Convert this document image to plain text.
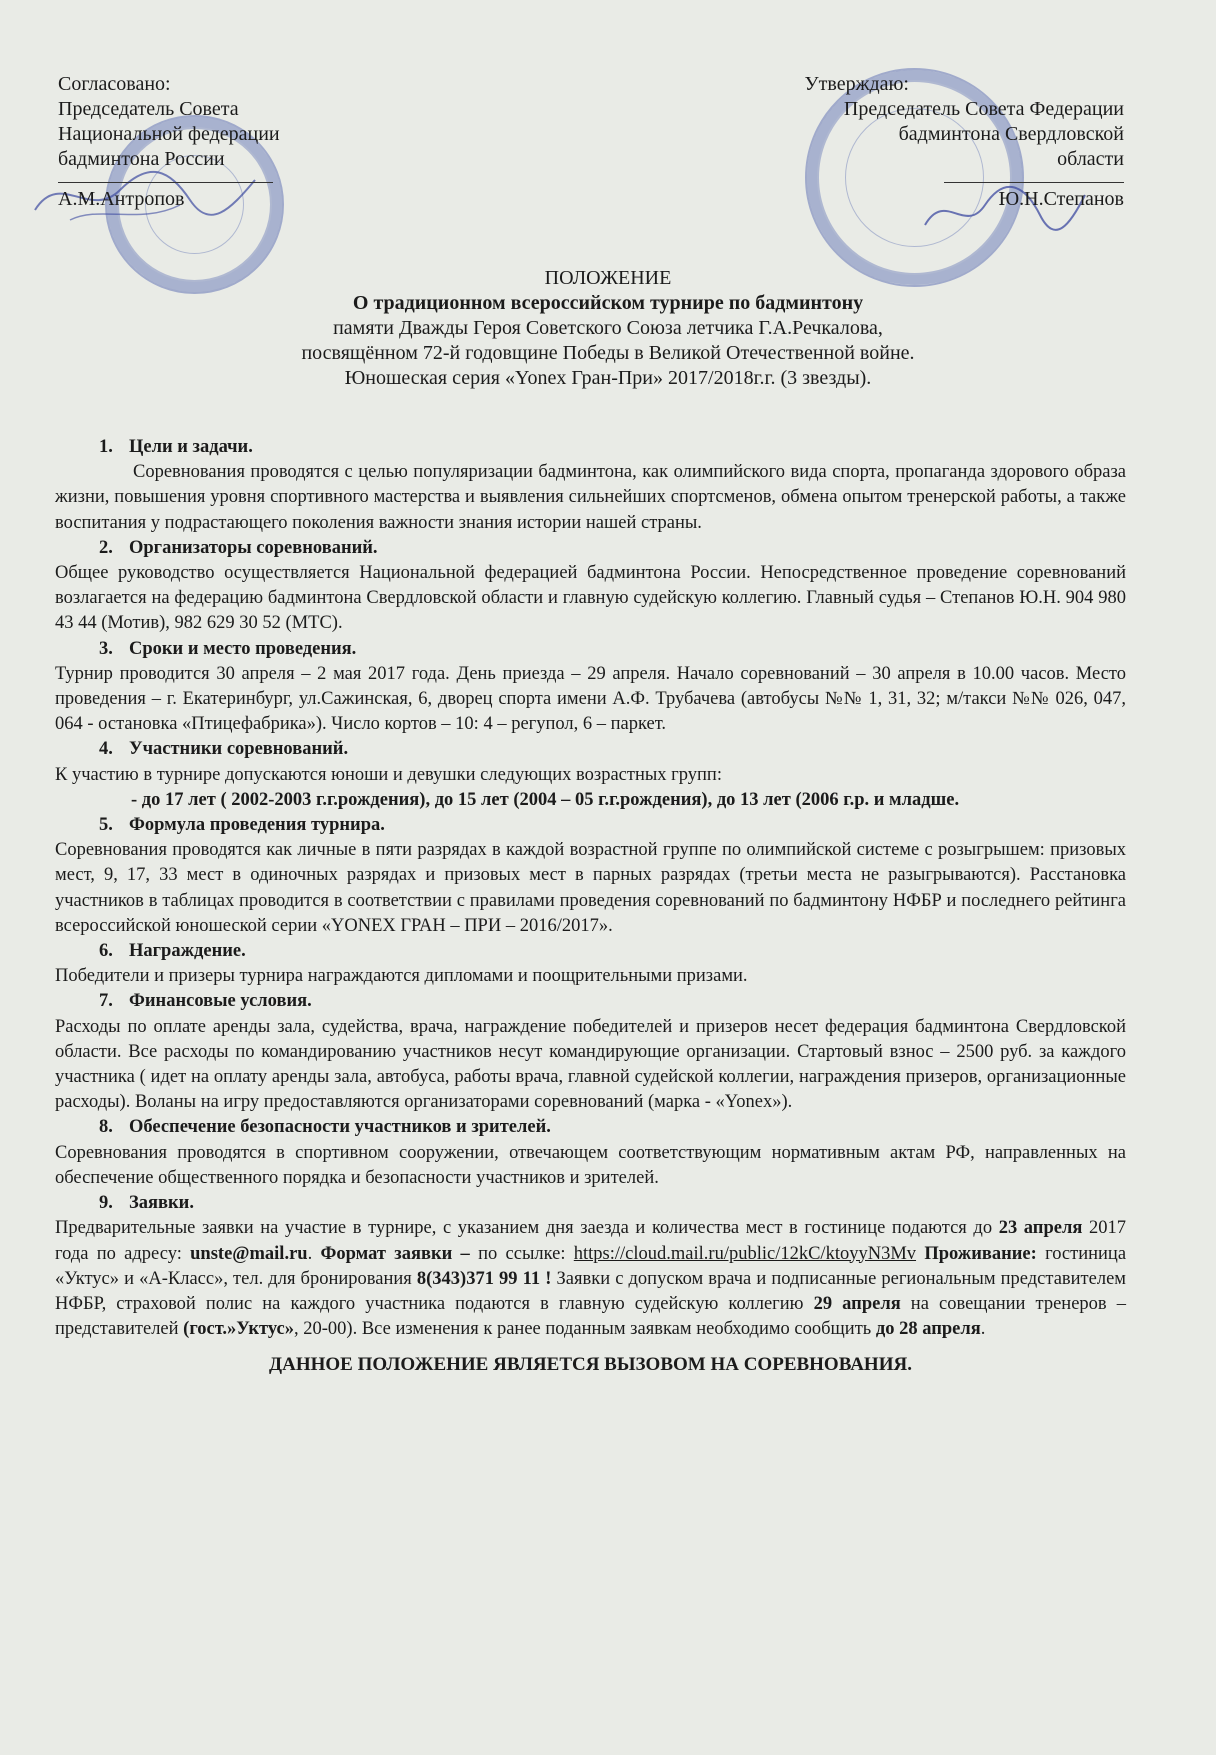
Согласовано:
Председатель Совета
Национальной федерации
бадминтона России
А.М.Антропов
Утверждаю:
Председатель Совета Федерации
бадминтона Свердловской
области
Ю.Н.Степанов
ПОЛОЖЕНИЕ
О традиционном всероссийском турнире по бадминтону
памяти Дважды Героя Советского Союза летчика Г.А.Речкалова,
посвящённом 72-й годовщине Победы в Великой Отечественной войне.
Юношеская серия «Yonex Гран-При» 2017/2018г.г. (3 звезды).
1. Цели и задачи.
Соревнования проводятся с целью популяризации бадминтона, как олимпийского вида спорта, пропаганда здорового образа жизни, повышения уровня спортивного мастерства и выявления сильнейших спортсменов, обмена опытом тренерской работы, а также воспитания у подрастающего поколения важности знания истории нашей страны.
2. Организаторы соревнований.
Общее руководство осуществляется Национальной федерацией бадминтона России. Непосредственное проведение соревнований возлагается на федерацию бадминтона Свердловской области и главную судейскую коллегию. Главный судья – Степанов Ю.Н. 904 980 43 44 (Мотив), 982 629 30 52 (МТС).
3. Сроки и место проведения.
Турнир проводится 30 апреля – 2 мая 2017 года. День приезда – 29 апреля. Начало соревнований – 30 апреля в 10.00 часов. Место проведения – г. Екатеринбург, ул.Сажинская, 6, дворец спорта имени А.Ф. Трубачева (автобусы №№ 1, 31, 32; м/такси №№ 026, 047, 064 - остановка «Птицефабрика»). Число кортов – 10: 4 – регупол, 6 – паркет.
4. Участники соревнований.
К участию в турнире допускаются юноши и девушки следующих возрастных групп:
- до 17 лет ( 2002-2003 г.г.рождения), до 15 лет (2004 – 05 г.г.рождения), до 13 лет (2006 г.р. и младше.
5. Формула проведения турнира.
Соревнования проводятся как личные в пяти разрядах в каждой возрастной группе по олимпийской системе с розыгрышем: призовых мест, 9, 17, 33 мест в одиночных разрядах и призовых мест в парных разрядах (третьи места не разыгрываются). Расстановка участников в таблицах проводится в соответствии с правилами проведения соревнований по бадминтону НФБР и последнего рейтинга всероссийской юношеской серии «YONEX ГРАН – ПРИ – 2016/2017».
6. Награждение.
Победители и призеры турнира награждаются дипломами и поощрительными призами.
7. Финансовые условия.
Расходы по оплате аренды зала, судейства, врача, награждение победителей и призеров несет федерация бадминтона Свердловской области. Все расходы по командированию участников несут командирующие организации. Стартовый взнос – 2500 руб. за каждого участника ( идет на оплату аренды зала, автобуса, работы врача, главной судейской коллегии, награждения призеров, организационные расходы). Воланы на игру предоставляются организаторами соревнований (марка - «Yonex»).
8. Обеспечение безопасности участников и зрителей.
Соревнования проводятся в спортивном сооружении, отвечающем соответствующим нормативным актам РФ, направленных на обеспечение общественного порядка и безопасности участников и зрителей.
9. Заявки.
Предварительные заявки на участие в турнире, с указанием дня заезда и количества мест в гостинице подаются до 23 апреля 2017 года по адресу: unste@mail.ru. Формат заявки – по ссылке: https://cloud.mail.ru/public/12kC/ktoyyN3Mv Проживание: гостиница «Уктус» и «А-Класс», тел. для бронирования 8(343)371 99 11 ! Заявки с допуском врача и подписанные региональным представителем НФБР, страховой полис на каждого участника подаются в главную судейскую коллегию 29 апреля на совещании тренеров – представителей (гост.»Уктус», 20-00). Все изменения к ранее поданным заявкам необходимо сообщить до 28 апреля.
ДАННОЕ ПОЛОЖЕНИЕ ЯВЛЯЕТСЯ ВЫЗОВОМ НА СОРЕВНОВАНИЯ.
